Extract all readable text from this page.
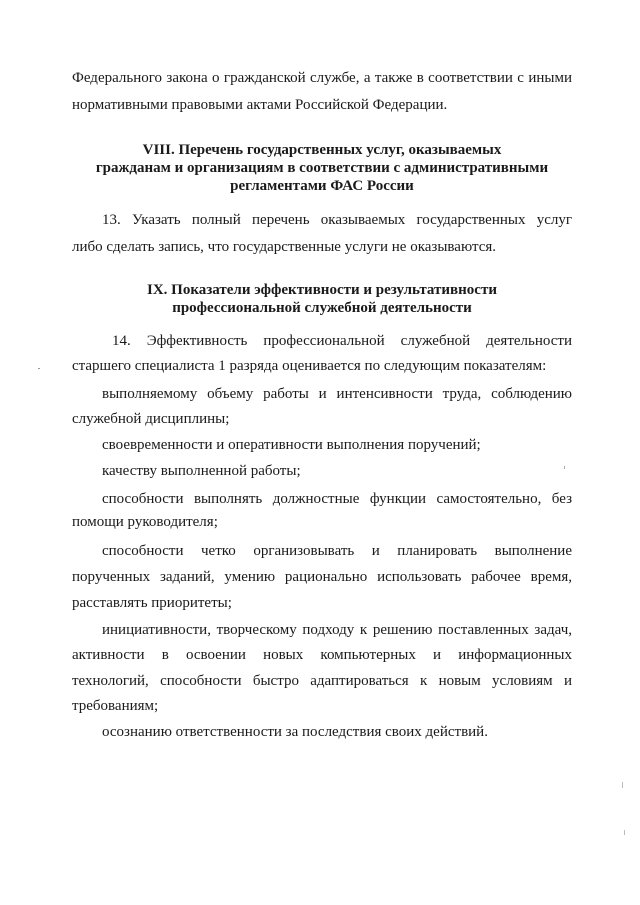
Федерального закона о гражданской службе, а также в соответствии с иными
нормативными правовыми актами Российской Федерации.
VIII. Перечень государственных услуг, оказываемых
гражданам и организациям в соответствии с административными
регламентами ФАС России
13. Указать полный перечень оказываемых государственных услуг
либо сделать запись, что государственные услуги не оказываются.
IX. Показатели эффективности и результативности
профессиональной служебной деятельности
14. Эффективность профессиональной служебной деятельности
старшего специалиста 1 разряда оценивается по следующим показателям:
выполняемому объему работы и интенсивности труда, соблюдению
служебной дисциплины;
своевременности и оперативности выполнения поручений;
качеству выполненной работы;
способности выполнять должностные функции самостоятельно, без
помощи руководителя;
способности четко организовывать и планировать выполнение
порученных заданий, умению рационально использовать рабочее время,
расставлять приоритеты;
инициативности, творческому подходу к решению поставленных задач,
активности в освоении новых компьютерных и информационных
технологий, способности быстро адаптироваться к новым условиям и
требованиям;
осознанию ответственности за последствия своих действий.
